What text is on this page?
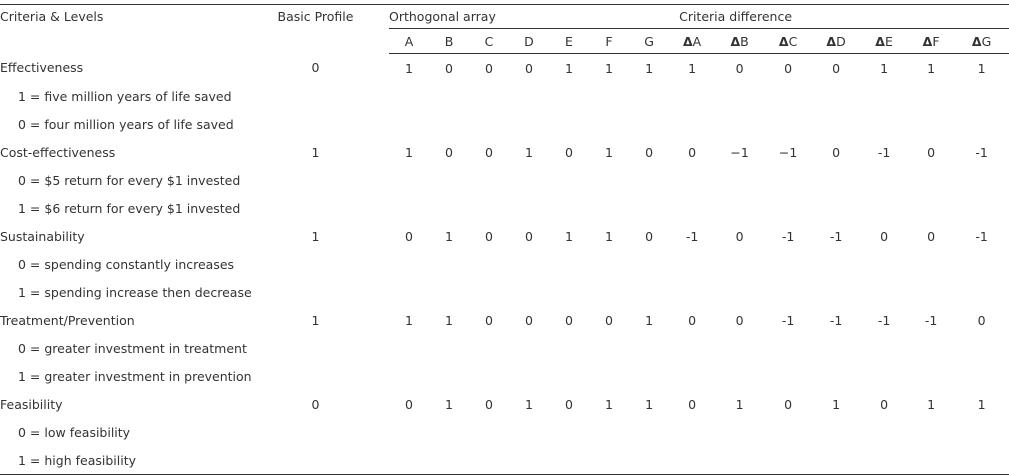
Criteria & Levels	Basic Profile		Orthogonal array							Criteria difference						
			A	B	C	D	E	F	G	ΔA	ΔB	ΔC	ΔD	ΔE	ΔF	ΔG
Effectiveness	0		1	0	0	0	1	1	1	1	0	0	0	1	1	1
1 = five million years of life saved																
0 = four million years of life saved																
Cost-effectiveness	1		1	0	0	1	0	1	0	0	−1	−1	0	-1	0	-1
0 = $5 return for every $1 invested																
1 = $6 return for every $1 invested																
Sustainability	1		0	1	0	0	1	1	0	-1	0	-1	-1	0	0	-1
0 = spending constantly increases																
1 = spending increase then decrease																
Treatment/Prevention	1		1	1	0	0	0	0	1	0	0	-1	-1	-1	-1	0
0 = greater investment in treatment																
1 = greater investment in prevention																
Feasibility	0		0	1	0	1	0	1	1	0	1	0	1	0	1	1
0 = low feasibility																
1 = high feasibility																
